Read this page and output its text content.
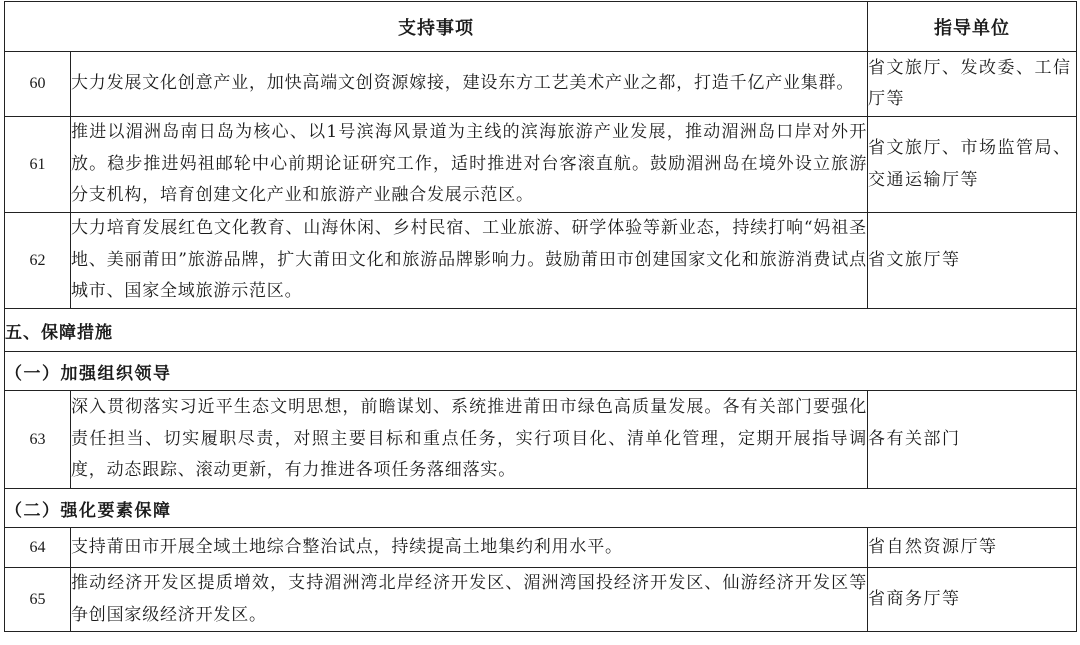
支持事项		指导单位
60	大力发展文化创意产业，加快高端文创资源嫁接，建设东方工艺美术产业之都，打造千亿产业集群。	省文旅厅、发改委、工信厅等
61	推进以湄洲岛南日岛为核心、以1号滨海风景道为主线的滨海旅游产业发展，推动湄洲岛口岸对外开放。稳步推进妈祖邮轮中心前期论证研究工作，适时推进对台客滚直航。鼓励湄洲岛在境外设立旅游分支机构，培育创建文化产业和旅游产业融合发展示范区。	省文旅厅、市场监管局、交通运输厅等
62	大力培育发展红色文化教育、山海休闲、乡村民宿、工业旅游、研学体验等新业态，持续打响“妈祖圣地、美丽莆田”旅游品牌，扩大莆田文化和旅游品牌影响力。鼓励莆田市创建国家文化和旅游消费试点城市、国家全域旅游示范区。	省文旅厅等
五、保障措施		
（一）加强组织领导		
63	深入贯彻落实习近平生态文明思想，前瞻谋划、系统推进莆田市绿色高质量发展。各有关部门要强化责任担当、切实履职尽责，对照主要目标和重点任务，实行项目化、清单化管理，定期开展指导调度，动态跟踪、滚动更新，有力推进各项任务落细落实。	各有关部门
（二）强化要素保障		
64	支持莆田市开展全域土地综合整治试点，持续提高土地集约利用水平。	省自然资源厅等
65	推动经济开发区提质增效，支持湄洲湾北岸经济开发区、湄洲湾国投经济开发区、仙游经济开发区等争创国家级经济开发区。	省商务厅等
